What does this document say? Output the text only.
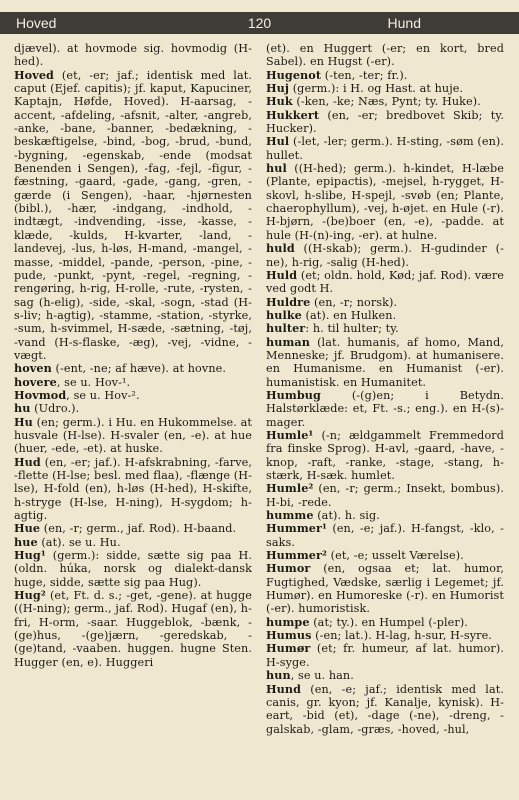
Hoved	120	Hund

djævel). at hovmode sig. hovmodig (H-hed).

Hoved (et, -er; jaf.; identisk med lat. caput (Ejef. capitis); jf. kaput, Kapuciner, Kaptajn, Høfde, Hoved). H-aarsag, -accent, -afdeling, -afsnit, -alter, -angreb, -anke, -bane, -banner, -bedækning, -beskæftigelse, -bind, -bog, -brud, -bund, -bygning, -egenskab, -ende (modsat Benenden i Sengen), -fag, -fejl, -figur, -fæstning, -gaard, -gade, -gang, -gren, -gærde (i Sengen), -haar, -hjørnesten (bibl.), -hær, -indgang, -indhold, -indtægt, -indvending, -isse, -kasse, -klæde, -kulds, H-kvarter, -land, -landevej, -lus, h-løs, H-mand, -mangel, -masse, -middel, -pande, -person, -pine, -pude, -punkt, -pynt, -regel, -regning, -rengøring, h-rig, H-rolle, -rute, -rysten, -sag (h-elig), -side, -skal, -sogn, -stad (H-s-liv; h-agtig), -stamme, -station, -styrke, -sum, h-svimmel, H-sæde, -sætning, -tøj, -vand (H-s-flaske, -æg), -vej, -vidne, -vægt.

hoven (-ent, -ne; af hæve). at hovne.

hovere, se u. Hov-¹.

Hovmod, se u. Hov-².

hu (Udro.).

Hu (en; germ.). i Hu. en Hukommelse. at husvale (H-lse). H-svaler (en, -e). at hue (huer, -ede, -et). at huske.

Hud (en, -er; jaf.). H-afskrabning, -farve, -flette (H-lse; besl. med flaa), -flænge (H-lse), H-fold (en), h-løs (H-hed), H-skifte, h-stryge (H-lse, H-ning), H-sygdom; h-agtig.

Hue (en, -r; germ., jaf. Rod). H-baand.

hue (at). se u. Hu.

Hug¹ (germ.): sidde, sætte sig paa H. (oldn. húka, norsk og dialekt-dansk huge, sidde, sætte sig paa Hug).

Hug² (et, Ft. d. s.; -get, -gene). at hugge ((H-ning); germ., jaf. Rod). Hugaf (en), h-fri, H-orm, -saar. Huggeblok, -bænk, -(ge)hus, -(ge)jærn, -geredskab, -(ge)tand, -vaaben. huggen. hugne Sten. Hugger (en, e). Huggeri

(et). en Huggert (-er; en kort, bred Sabel). en Hugst (-er).

Hugenot (-ten, -ter; fr.).

Huj (germ.): i H. og Hast. at huje.

Huk (-ken, -ke; Næs, Pynt; ty. Huke).

Hukkert (en, -er; bredbovet Skib; ty. Hucker).

Hul (-let, -ler; germ.). H-sting, -søm (en). hullet.

hul ((H-hed); germ.). h-kindet, H-læbe (Plante, epipactis), -mejsel, h-rygget, H-skovl, h-slibe, H-spejl, -svøb (en; Plante, chaerophyllum), -vej, h-øjet. en Hule (-r). H-bjørn, -(be)boer (en, -e), -padde. at hule (H-(n)-ing, -er). at hulne.

huld ((H-skab); germ.). H-gudinder (-ne), h-rig, -salig (H-hed).

Huld (et; oldn. hold, Kød; jaf. Rod). være ved godt H.

Huldre (en, -r; norsk).

hulke (at). en Hulken.

hulter: h. til hulter; ty.

human (lat. humanis, af homo, Mand, Menneske; jf. Brudgom). at humanisere. en Humanisme. en Humanist (-er). humanistisk. en Humanitet.

Humbug (-(g)en; i Betydn. Halstørklæde: et, Ft. -s.; eng.). en H-(s)-mager.

Humle¹ (-n; ældgammelt Fremmedord fra finske Sprog). H-avl, -gaard, -have, -knop, -raft, -ranke, -stage, -stang, h-stærk, H-sæk. humlet.

Humle² (en, -r; germ.; Insekt, bombus). H-bi, -rede.

humme (at). h. sig.

Hummer¹ (en, -e; jaf.). H-fangst, -klo, -saks.

Hummer² (et, -e; usselt Værelse).

Humor (en, ogsaa et; lat. humor, Fugtighed, Vædske, særlig i Legemet; jf. Humør). en Humoreske (-r). en Humorist (-er). humoristisk.

humpe (at; ty.). en Humpel (-pler).

Humus (-en; lat.). H-lag, h-sur, H-syre.

Humør (et; fr. humeur, af lat. humor). H-syge.

hun, se u. han.

Hund (en, -e; jaf.; identisk med lat. canis, gr. kyon; jf. Kanalje, kynisk). H-eart, -bid (et), -dage (-ne), -dreng, -galskab, -glam, -græs, -hoved, -hul,
